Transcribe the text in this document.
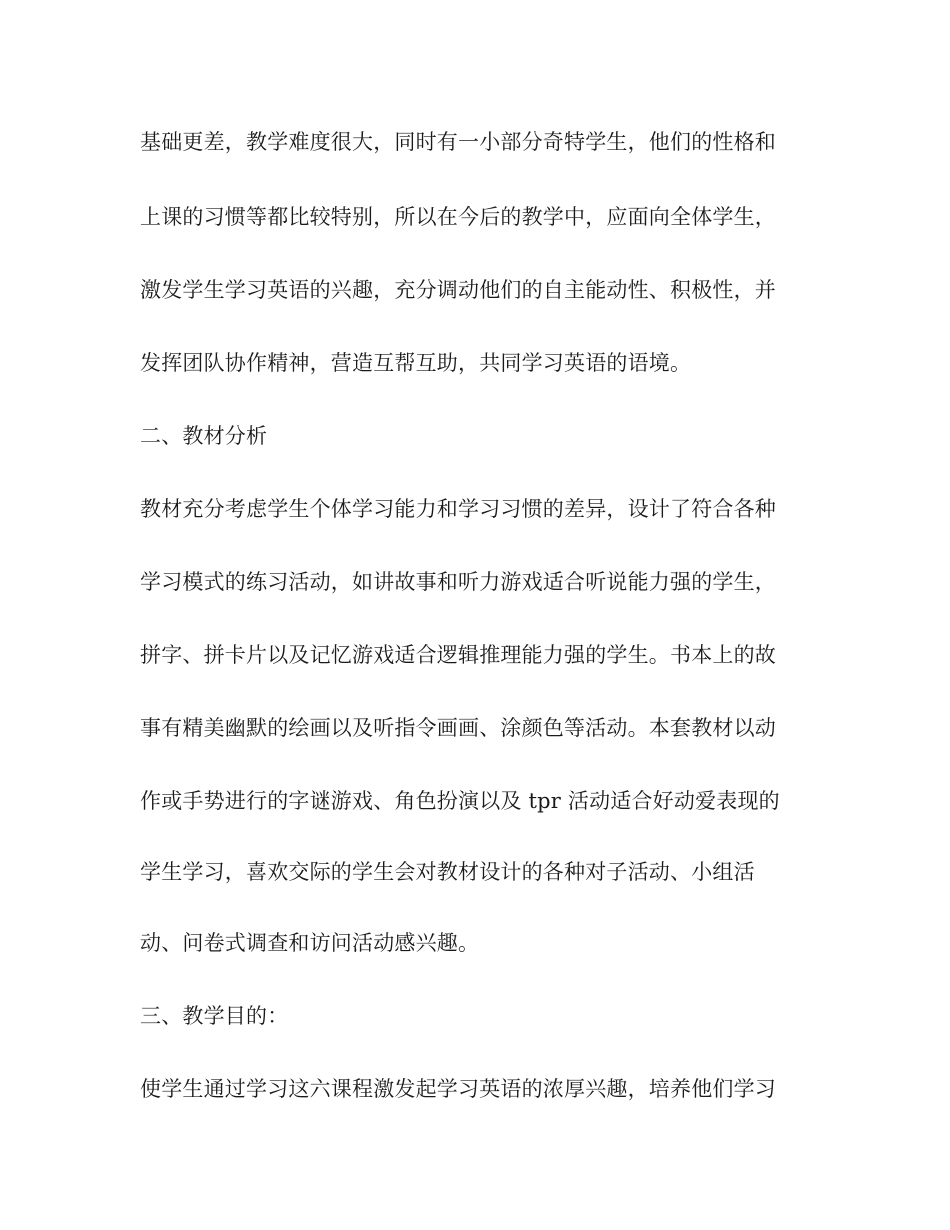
基础更差，教学难度很大，同时有一小部分奇特学生，他们的性格和
上课的习惯等都比较特别，所以在今后的教学中，应面向全体学生，
激发学生学习英语的兴趣，充分调动他们的自主能动性、积极性，并
发挥团队协作精神，营造互帮互助，共同学习英语的语境。
二、教材分析
教材充分考虑学生个体学习能力和学习习惯的差异，设计了符合各种
学习模式的练习活动，如讲故事和听力游戏适合听说能力强的学生，
拼字、拼卡片以及记忆游戏适合逻辑推理能力强的学生。书本上的故
事有精美幽默的绘画以及听指令画画、涂颜色等活动。本套教材以动
作或手势进行的字谜游戏、角色扮演以及 tpr 活动适合好动爱表现的
学生学习，喜欢交际的学生会对教材设计的各种对子活动、小组活
动、问卷式调查和访问活动感兴趣。
三、教学目的：
使学生通过学习这六课程激发起学习英语的浓厚兴趣，培养他们学习
